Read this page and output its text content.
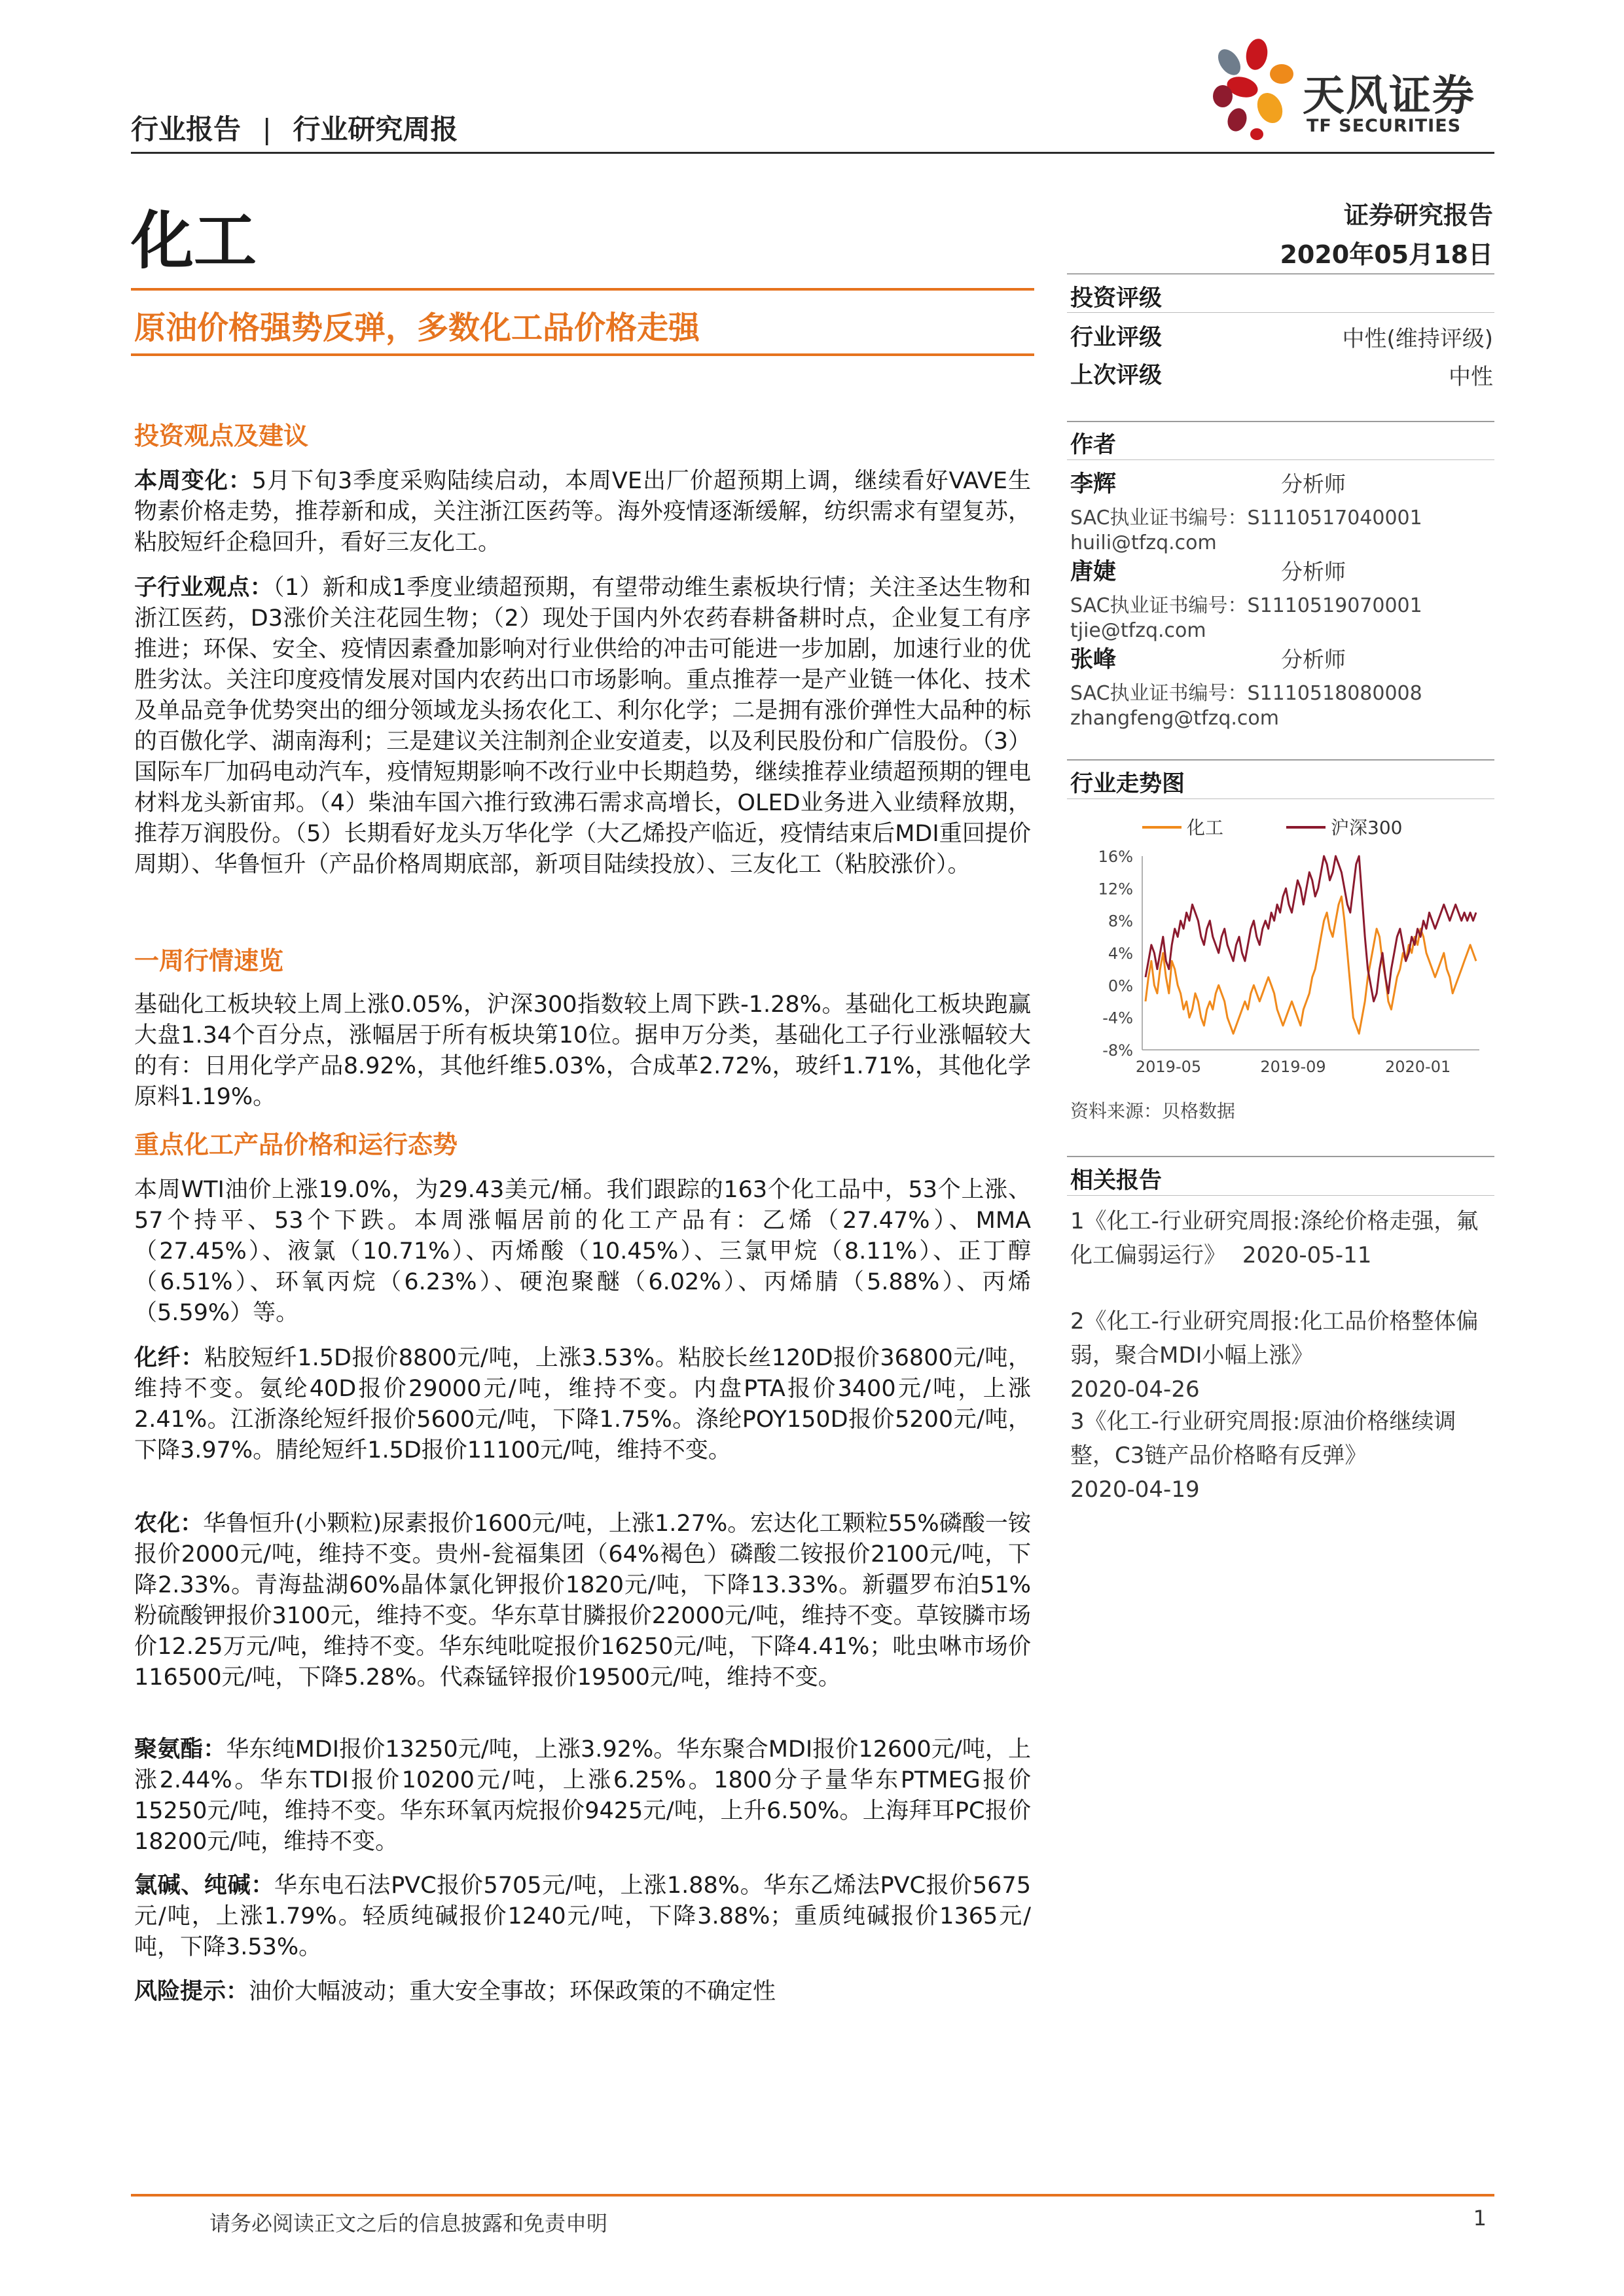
行业报告 | 行业研究周报
天风证券
TF SECURITIES
化工	证券研究报告
2020年05月18日
原油价格强势反弹，多数化工品价格走强
投资观点及建议
本周变化：5月下旬3季度采购陆续启动，本周VE出厂价超预期上调，继续看好VAVE生物素价格走势，推荐新和成，关注浙江医药等。海外疫情逐渐缓解，纺织需求有望复苏，粘胶短纤企稳回升，看好三友化工。
子行业观点：（1）新和成1季度业绩超预期，有望带动维生素板块行情；关注圣达生物和浙江医药，D3涨价关注花园生物；（2）现处于国内外农药春耕备耕时点，企业复工有序推进；环保、安全、疫情因素叠加影响对行业供给的冲击可能进一步加剧，加速行业的优胜劣汰。关注印度疫情发展对国内农药出口市场影响。重点推荐一是产业链一体化、技术及单品竞争优势突出的细分领域龙头扬农化工、利尔化学；二是拥有涨价弹性大品种的标的百傲化学、湖南海利；三是建议关注制剂企业安道麦，以及利民股份和广信股份。（3）国际车厂加码电动汽车，疫情短期影响不改行业中长期趋势，继续推荐业绩超预期的锂电材料龙头新宙邦。（4）柴油车国六推行致沸石需求高增长，OLED业务进入业绩释放期，推荐万润股份。（5）长期看好龙头万华化学（大乙烯投产临近，疫情结束后MDI重回提价周期）、华鲁恒升（产品价格周期底部，新项目陆续投放）、三友化工（粘胶涨价）。
一周行情速览
基础化工板块较上周上涨0.05%，沪深300指数较上周下跌-1.28%。基础化工板块跑赢大盘1.34个百分点，涨幅居于所有板块第10位。据申万分类，基础化工子行业涨幅较大的有：日用化学产品8.92%，其他纤维5.03%，合成革2.72%，玻纤1.71%，其他化学原料1.19%。
重点化工产品价格和运行态势
本周WTI油价上涨19.0%，为29.43美元/桶。我们跟踪的163个化工品中，53个上涨、57个持平、53个下跌。本周涨幅居前的化工产品有：乙烯（27.47%）、MMA（27.45%）、液氯（10.71%）、丙烯酸（10.45%）、三氯甲烷（8.11%）、正丁醇（6.51%）、环氧丙烷（6.23%）、硬泡聚醚（6.02%）、丙烯腈（5.88%）、丙烯（5.59%）等。
化纤：粘胶短纤1.5D报价8800元/吨，上涨3.53%。粘胶长丝120D报价36800元/吨，维持不变。氨纶40D报价29000元/吨，维持不变。内盘PTA报价3400元/吨，上涨2.41%。江浙涤纶短纤报价5600元/吨，下降1.75%。涤纶POY150D报价5200元/吨，下降3.97%。腈纶短纤1.5D报价11100元/吨，维持不变。
农化：华鲁恒升(小颗粒)尿素报价1600元/吨，上涨1.27%。宏达化工颗粒55%磷酸一铵报价2000元/吨，维持不变。贵州-瓮福集团（64%褐色）磷酸二铵报价2100元/吨，下降2.33%。青海盐湖60%晶体氯化钾报价1820元/吨，下降13.33%。新疆罗布泊51%粉硫酸钾报价3100元，维持不变。华东草甘膦报价22000元/吨，维持不变。草铵膦市场价12.25万元/吨，维持不变。华东纯吡啶报价16250元/吨，下降4.41%；吡虫啉市场价116500元/吨，下降5.28%。代森锰锌报价19500元/吨，维持不变。
聚氨酯：华东纯MDI报价13250元/吨，上涨3.92%。华东聚合MDI报价12600元/吨，上涨2.44%。华东TDI报价10200元/吨，上涨6.25%。1800分子量华东PTMEG报价15250元/吨，维持不变。华东环氧丙烷报价9425元/吨，上升6.50%。上海拜耳PC报价18200元/吨，维持不变。
氯碱、纯碱：华东电石法PVC报价5705元/吨，上涨1.88%。华东乙烯法PVC报价5675元/吨，上涨1.79%。轻质纯碱报价1240元/吨，下降3.88%；重质纯碱报价1365元/吨，下降3.53%。
风险提示：油价大幅波动；重大安全事故；环保政策的不确定性
投资评级
行业评级	中性(维持评级)
上次评级	中性
作者
李辉	分析师
SAC执业证书编号：S1110517040001
huili@tfzq.com
唐婕	分析师
SAC执业证书编号：S1110519070001
tjie@tfzq.com
张峰	分析师
SAC执业证书编号：S1110518080008
zhangfeng@tfzq.com
行业走势图
化工	沪深300
16%
12%
8%
4%
0%
-4%
-8%
2019-05	2019-09	2020-01
资料来源：贝格数据
相关报告
1《化工-行业研究周报:涤纶价格走强，氟化工偏弱运行》 2020-05-11
2《化工-行业研究周报:化工品价格整体偏弱，聚合MDI小幅上涨》
2020-04-26
3《化工-行业研究周报:原油价格继续调整，C3链产品价格略有反弹》
2020-04-19
请务必阅读正文之后的信息披露和免责申明	1
